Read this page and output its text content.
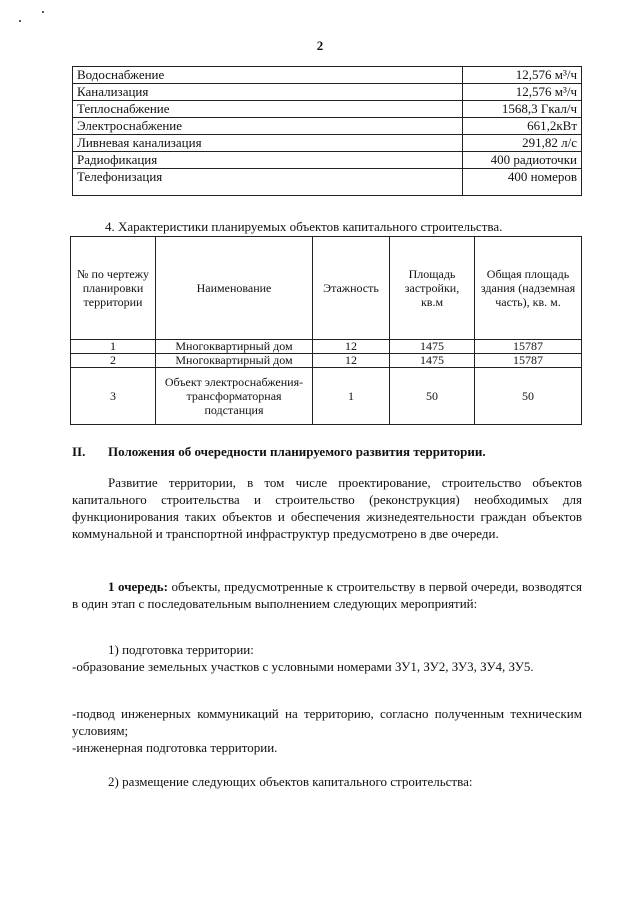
2
Водоснабжение	12,576 м³/ч
Канализация	12,576 м³/ч
Теплоснабжение	1568,3 Гкал/ч
Электроснабжение	661,2кВт
Ливневая канализация	291,82 л/с
Радиофикация	400 радиоточки
Телефонизация	400 номеров
4. Характеристики планируемых объектов капитального строительства.
№ по чертежу планировки территории	Наименование	Этажность	Площадь застройки, кв.м	Общая площадь здания (надземная часть), кв. м.
1	Многоквартирный дом	12	1475	15787
2	Многоквартирный дом	12	1475	15787
3	Объект электроснабжения-трансформаторная подстанция	1	50	50
II. Положения об очередности планируемого развития территории.
Развитие территории, в том числе проектирование, строительство объектов капитального строительства и строительство (реконструкция) необходимых для функционирования таких объектов и обеспечения жизнедеятельности граждан объектов коммунальной и транспортной инфраструктур предусмотрено в две очереди.
1 очередь: объекты, предусмотренные к строительству в первой очереди, возводятся в один этап с последовательным выполнением следующих мероприятий:
1) подготовка территории:
-образование земельных участков с условными номерами ЗУ1, ЗУ2, ЗУ3, ЗУ4, ЗУ5.
-подвод инженерных коммуникаций на территорию, согласно полученным техническим условиям;
-инженерная подготовка территории.
2) размещение следующих объектов капитального строительства:
